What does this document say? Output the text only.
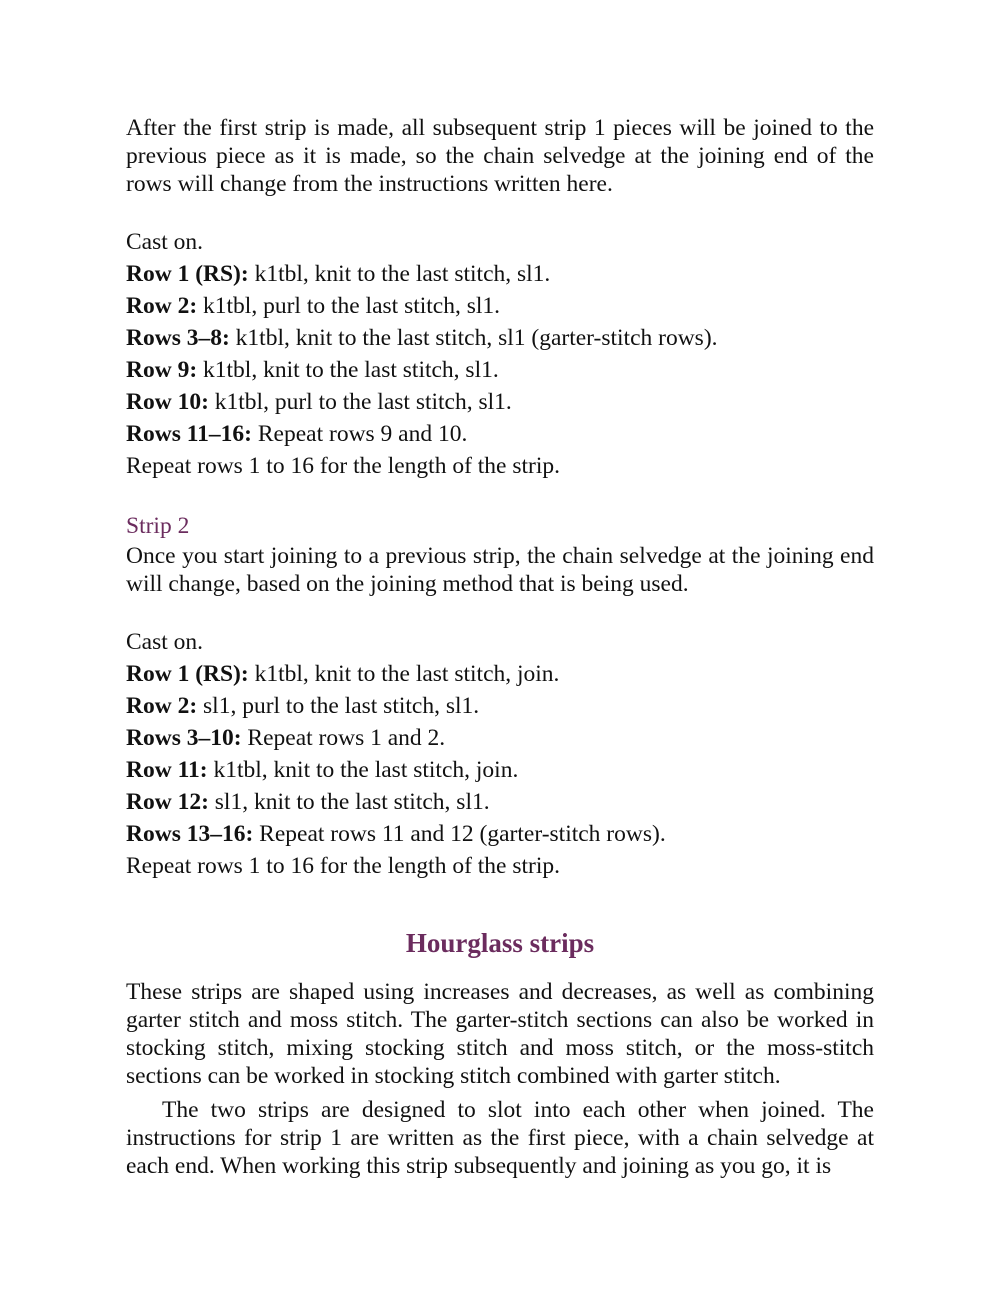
After the first strip is made, all subsequent strip 1 pieces will be joined to the previous piece as it is made, so the chain selvedge at the joining end of the rows will change from the instructions written here.

Cast on.
Row 1 (RS): k1tbl, knit to the last stitch, sl1.
Row 2: k1tbl, purl to the last stitch, sl1.
Rows 3–8: k1tbl, knit to the last stitch, sl1 (garter-stitch rows).
Row 9: k1tbl, knit to the last stitch, sl1.
Row 10: k1tbl, purl to the last stitch, sl1.
Rows 11–16: Repeat rows 9 and 10.
Repeat rows 1 to 16 for the length of the strip.

Strip 2

Once you start joining to a previous strip, the chain selvedge at the joining end will change, based on the joining method that is being used.

Cast on.
Row 1 (RS): k1tbl, knit to the last stitch, join.
Row 2: sl1, purl to the last stitch, sl1.
Rows 3–10: Repeat rows 1 and 2.
Row 11: k1tbl, knit to the last stitch, join.
Row 12: sl1, knit to the last stitch, sl1.
Rows 13–16: Repeat rows 11 and 12 (garter-stitch rows).
Repeat rows 1 to 16 for the length of the strip.
Hourglass strips

These strips are shaped using increases and decreases, as well as combining garter stitch and moss stitch. The garter-stitch sections can also be worked in stocking stitch, mixing stocking stitch and moss stitch, or the moss-stitch sections can be worked in stocking stitch combined with garter stitch.

The two strips are designed to slot into each other when joined. The instructions for strip 1 are written as the first piece, with a chain selvedge at each end. When working this strip subsequently and joining as you go, it is
